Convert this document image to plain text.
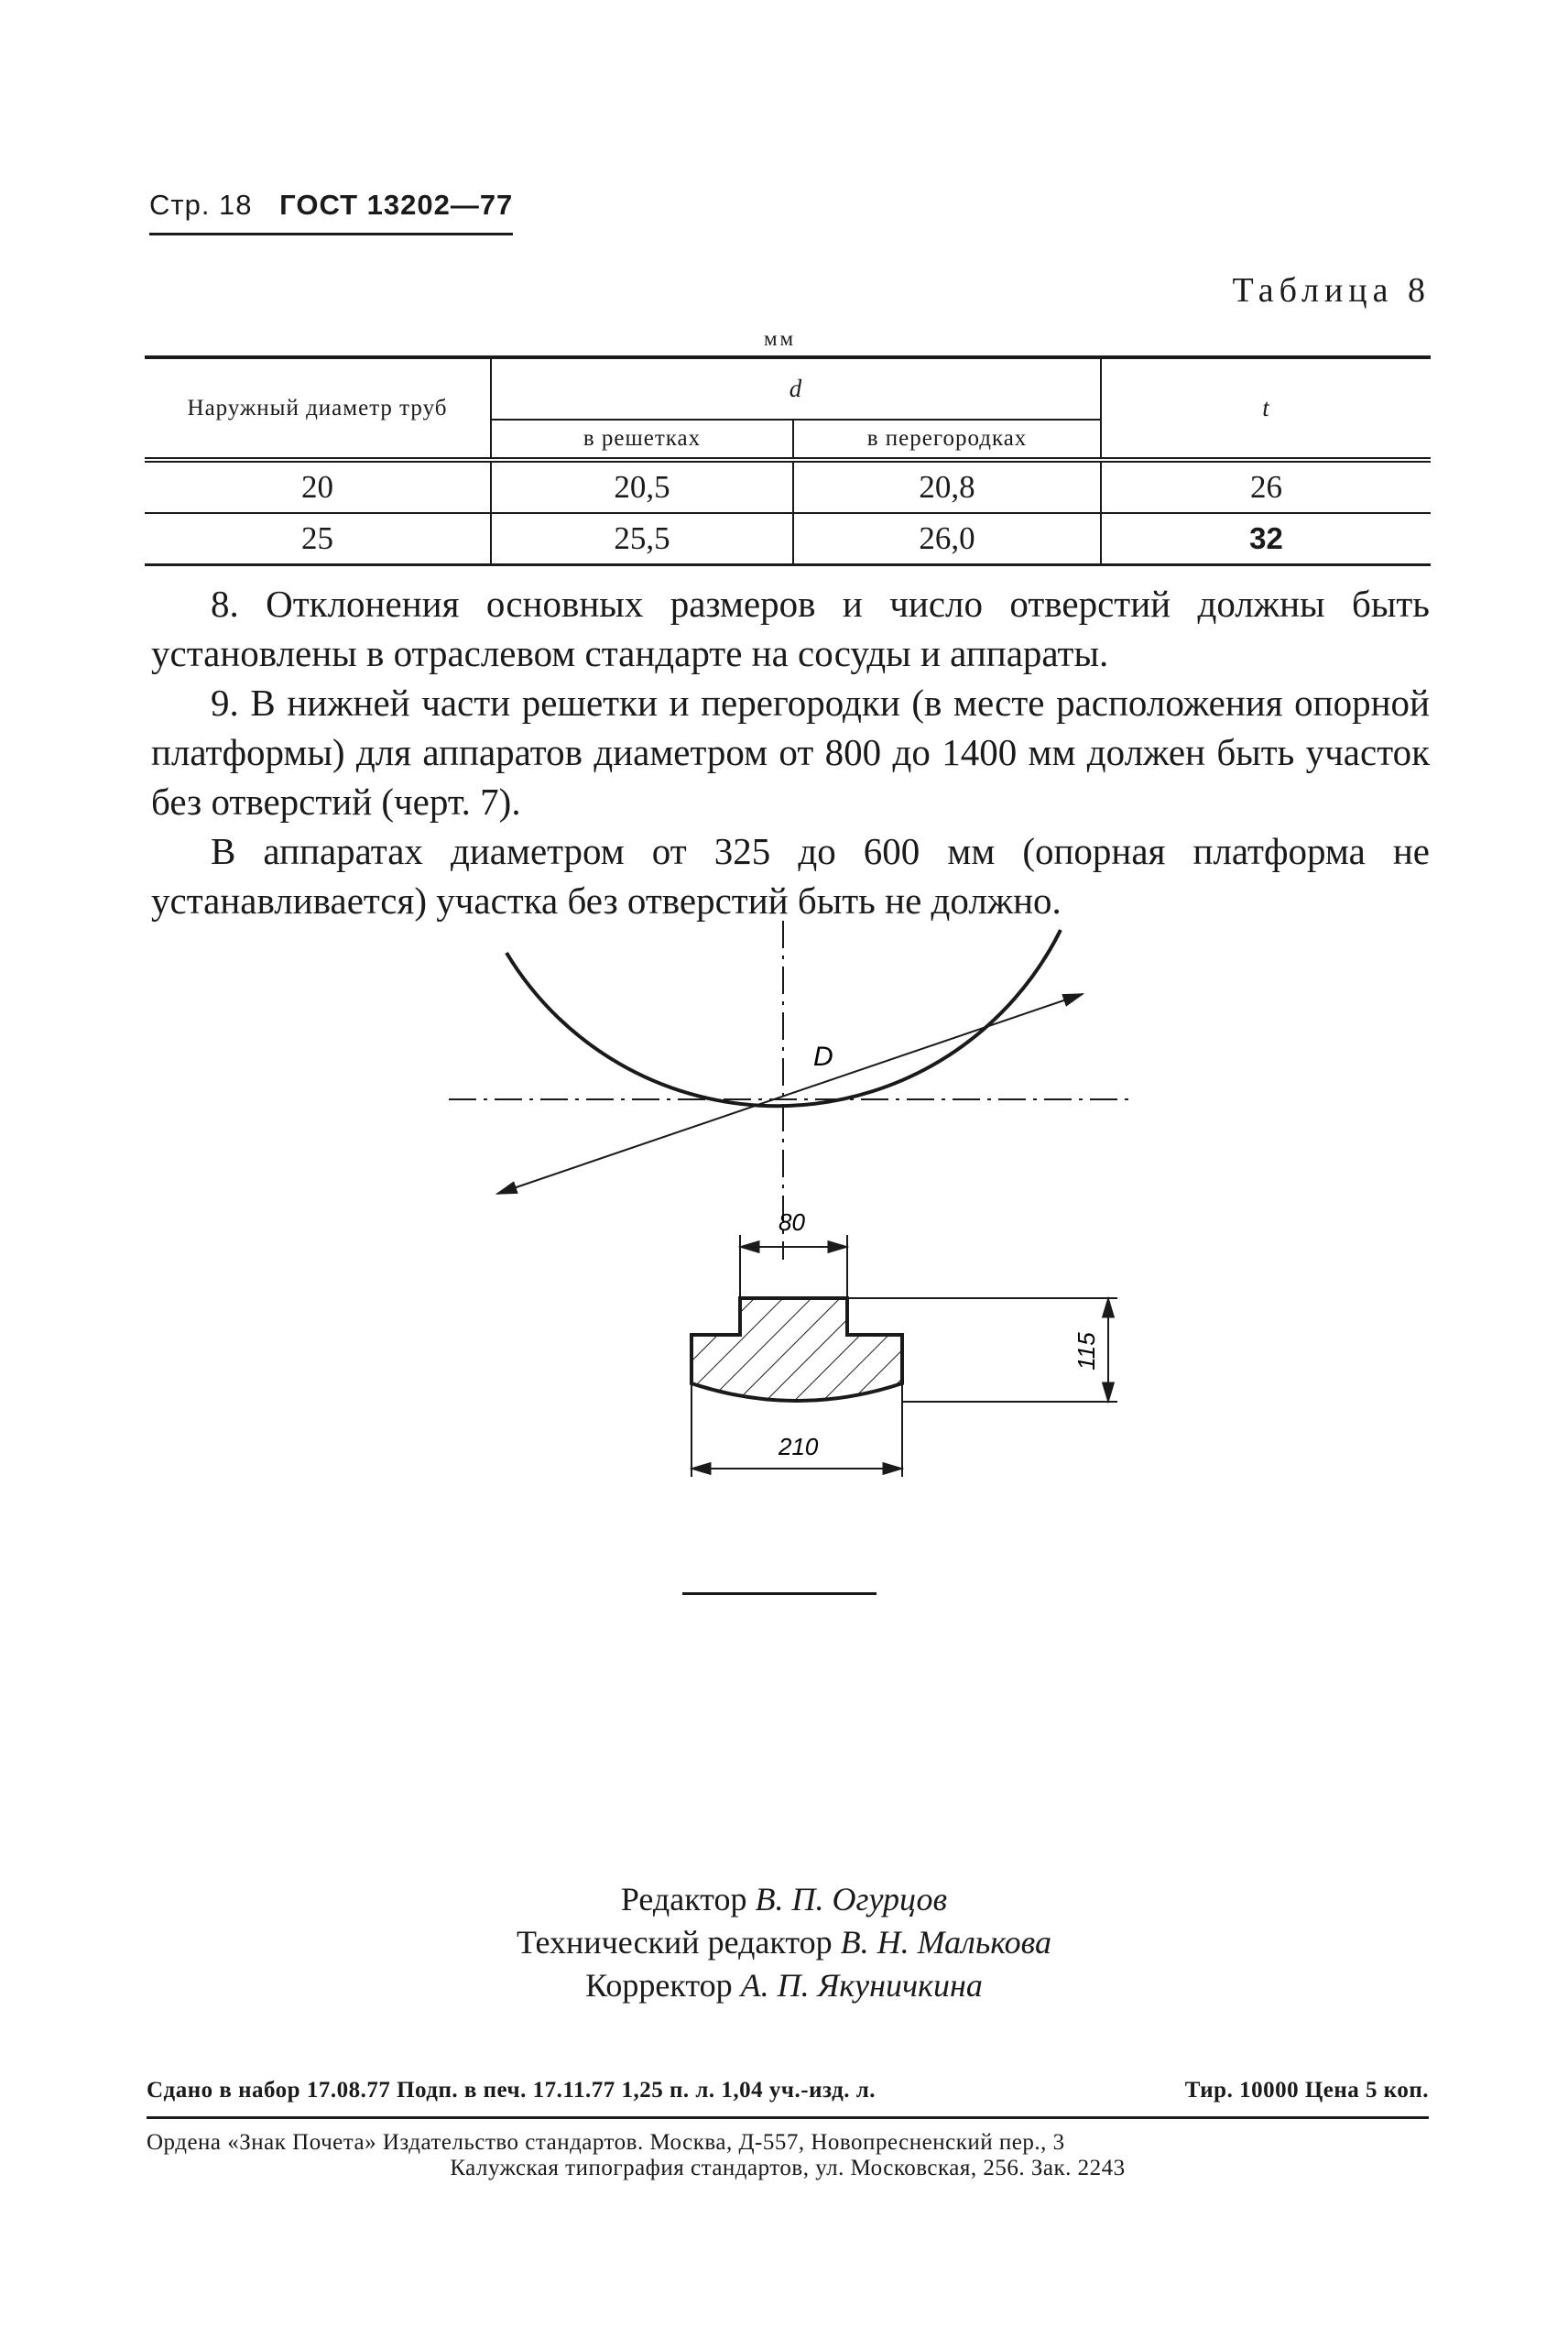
Стр. 18 ГОСТ 13202—77
Таблица 8
мм
Наружный диаметр труб	d		t
	в решетках	в перегородках	
20	20,5	20,8	26
25	25,5	26,0	32

8. Отклонения основных размеров и число отверстий должны быть установлены в отраслевом стандарте на сосуды и аппараты.

9. В нижней части решетки и перегородки (в месте расположения опорной платформы) для аппаратов диаметром от 800 до 1400 мм должен быть участок без отверстий (черт. 7).

В аппаратах диаметром от 325 до 600 мм (опорная платформа не устанавливается) участка без отверстий быть не должно.

D
80
115
210
Редактор В. П. Огурцов
Технический редактор В. Н. Малькова
Корректор А. П. Якуничкина
Сдано в набор 17.08.77 Подп. в печ. 17.11.77 1,25 п. л. 1,04 уч.-изд. л.	Тир. 10000 Цена 5 коп.
Ордена «Знак Почета» Издательство стандартов. Москва, Д-557, Новопресненский пер., 3
Калужская типография стандартов, ул. Московская, 256. Зак. 2243
